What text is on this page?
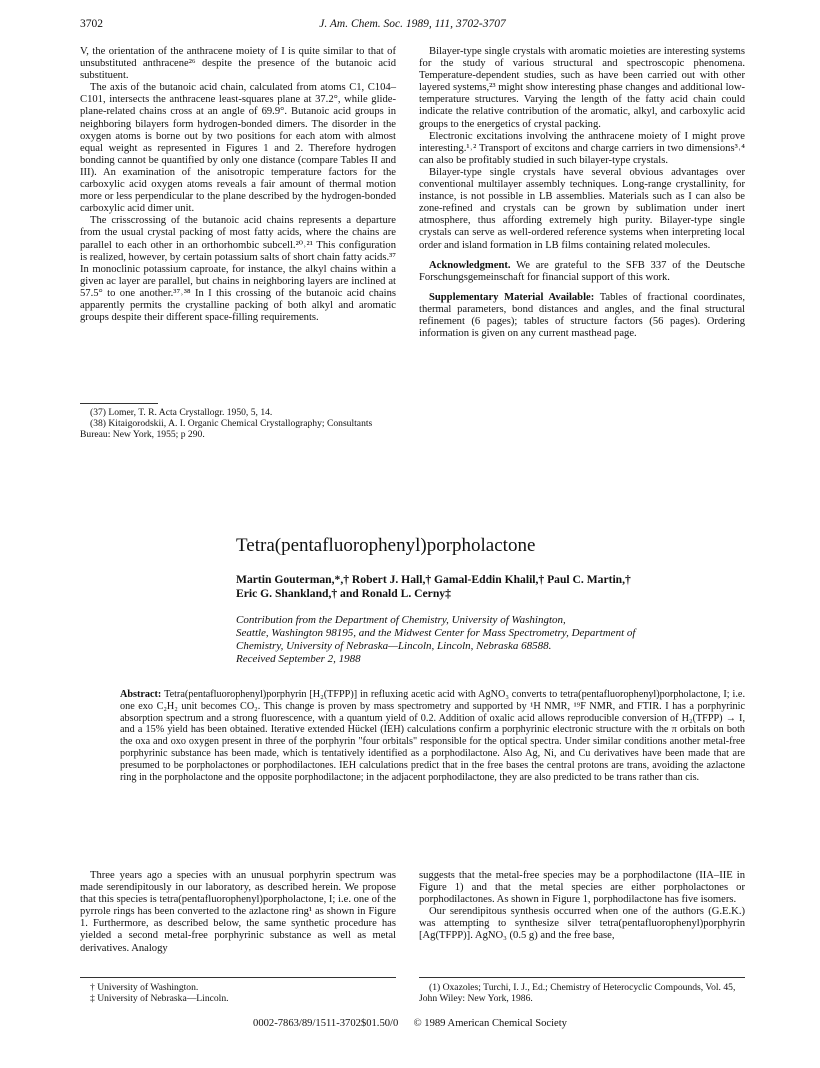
3702	J. Am. Chem. Soc. 1989, 111, 3702-3707

V, the orientation of the anthracene moiety of I is quite similar to that of unsubstituted anthracene²⁶ despite the presence of the butanoic acid substituent.

The axis of the butanoic acid chain, calculated from atoms C1, C104–C101, intersects the anthracene least-squares plane at 37.2°, while glide-plane-related chains cross at an angle of 69.9°. Butanoic acid groups in neighboring bilayers form hydrogen-bonded dimers. The disorder in the oxygen atoms is borne out by two positions for each atom with almost equal weight as represented in Figures 1 and 2. Therefore hydrogen bonding cannot be quantified by only one distance (compare Tables II and III). An examination of the anisotropic temperature factors for the carboxylic acid oxygen atoms reveals a fair amount of thermal motion more or less perpendicular to the plane described by the hydrogen-bonded carboxylic acid dimer unit.

The crisscrossing of the butanoic acid chains represents a departure from the usual crystal packing of most fatty acids, where the chains are parallel to each other in an orthorhombic subcell.²⁰˒²¹ This configuration is realized, however, by certain potassium salts of short chain fatty acids.³⁷ In monoclinic potassium caproate, for instance, the alkyl chains within a given ac layer are parallel, but chains in neighboring layers are inclined at 57.5° to one another.³⁷˒³⁸ In I this crossing of the butanoic acid chains apparently permits the crystalline packing of both alkyl and aromatic groups despite their different space-filling requirements.

(37) Lomer, T. R. Acta Crystallogr. 1950, 5, 14.

(38) Kitaigorodskii, A. I. Organic Chemical Crystallography; Consultants Bureau: New York, 1955; p 290.

Bilayer-type single crystals with aromatic moieties are interesting systems for the study of various structural and spectroscopic phenomena. Temperature-dependent studies, such as have been carried out with other layered systems,²³ might show interesting phase changes and additional low-temperature structures. Varying the length of the fatty acid chain could indicate the relative contribution of the aromatic, alkyl, and carboxylic acid groups to the energetics of crystal packing.

Electronic excitations involving the anthracene moiety of I might prove interesting.¹˒² Transport of excitons and charge carriers in two dimensions³˒⁴ can also be profitably studied in such bilayer-type crystals.

Bilayer-type single crystals have several obvious advantages over conventional multilayer assembly techniques. Long-range crystallinity, for instance, is not possible in LB assemblies. Materials such as I can also be zone-refined and crystals can be grown by sublimation under inert atmosphere, thus affording extremely high purity. Bilayer-type single crystals can serve as well-ordered reference systems when interpreting local order and island formation in LB films containing related molecules.

Acknowledgment. We are grateful to the SFB 337 of the Deutsche Forschungsgemeinschaft for financial support of this work.

Supplementary Material Available: Tables of fractional coordinates, thermal parameters, bond distances and angles, and the final structural refinement (6 pages); tables of structure factors (56 pages). Ordering information is given on any current masthead page.

Tetra(pentafluorophenyl)porpholactone
Martin Gouterman,*,† Robert J. Hall,† Gamal-Eddin Khalil,† Paul C. Martin,†
Eric G. Shankland,† and Ronald L. Cerny‡
Contribution from the Department of Chemistry, University of Washington,
Seattle, Washington 98195, and the Midwest Center for Mass Spectrometry, Department of
Chemistry, University of Nebraska—Lincoln, Lincoln, Nebraska 68588.
Received September 2, 1988
Abstract: Tetra(pentafluorophenyl)porphyrin [H₂(TFPP)] in refluxing acetic acid with AgNO₃ converts to tetra(pentafluorophenyl)porpholactone, I; i.e. one exo C₂H₂ unit becomes CO₂. This change is proven by mass spectrometry and supported by ¹H NMR, ¹⁹F NMR, and FTIR. I has a porphyrinic absorption spectrum and a strong fluorescence, with a quantum yield of 0.2. Addition of oxalic acid allows reproducible conversion of H₂(TFPP) → I, and a 15% yield has been obtained. Iterative extended Hückel (IEH) calculations confirm a porphyrinic electronic structure with the π orbitals on both the oxa and oxo oxygen present in three of the porphyrin "four orbitals" responsible for the optical spectra. Under similar conditions another metal-free porphyrinic substance has been made, which is tentatively identified as a porphodilactone. Also Ag, Ni, and Cu derivatives have been made that are presumed to be porpholactones or porphodilactones. IEH calculations predict that in the free bases the central protons are trans, avoiding the azlactone ring in the porpholactone and the opposite porphodilactone; in the adjacent porphodilactone, they are also predicted to be trans rather than cis.

Three years ago a species with an unusual porphyrin spectrum was made serendipitously in our laboratory, as described herein. We propose that this species is tetra(pentafluorophenyl)porpholactone, I; i.e. one of the pyrrole rings has been converted to the azlactone ring¹ as shown in Figure 1. Furthermore, as described below, the same synthetic procedure has yielded a second metal-free porphyrinic substance as well as metal derivatives. Analogy

suggests that the metal-free species may be a porphodilactone (IIA–IIE in Figure 1) and that the metal species are either porpholactones or porphodilactones. As shown in Figure 1, porphodilactone has five isomers.

Our serendipitous synthesis occurred when one of the authors (G.E.K.) was attempting to synthesize silver tetra(pentafluorophenyl)porphyrin [Ag(TFPP)]. AgNO₃ (0.5 g) and the free base,

† University of Washington.

‡ University of Nebraska—Lincoln.

(1) Oxazoles; Turchi, I. J., Ed.; Chemistry of Heterocyclic Compounds, Vol. 45, John Wiley: New York, 1986.

0002-7863/89/1511-3702$01.50/0 © 1989 American Chemical Society
